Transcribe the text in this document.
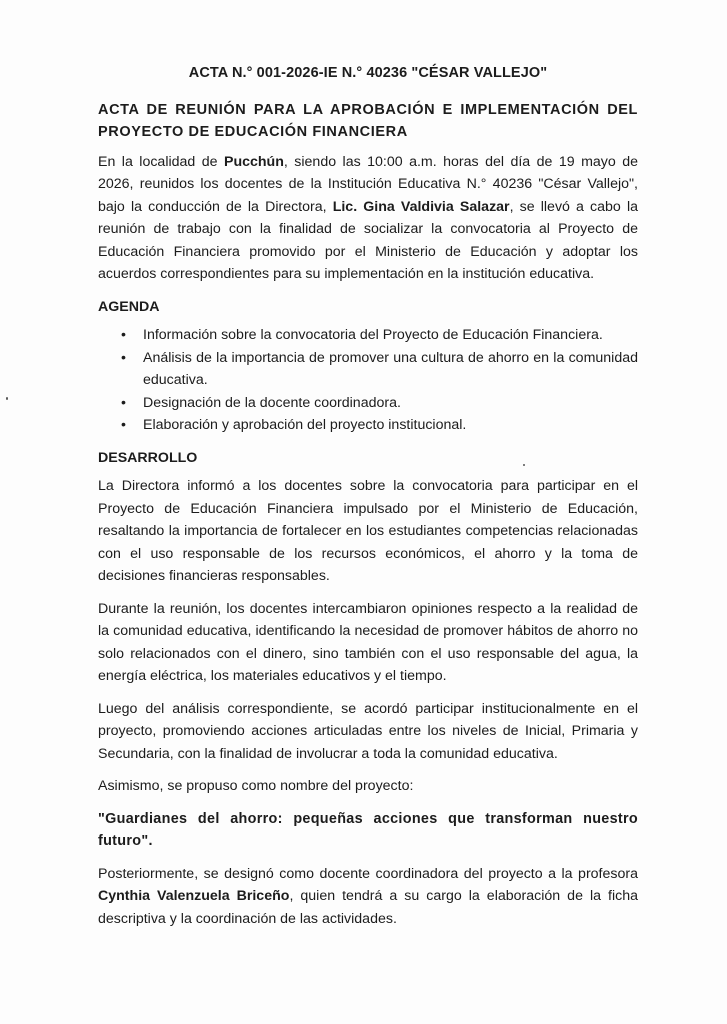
ACTA N.° 001-2026-IE N.° 40236 "CÉSAR VALLEJO"
ACTA DE REUNIÓN PARA LA APROBACIÓN E IMPLEMENTACIÓN DEL PROYECTO DE EDUCACIÓN FINANCIERA

En la localidad de Pucchún, siendo las 10:00 a.m. horas del día de 19 mayo de 2026, reunidos los docentes de la Institución Educativa N.° 40236 "César Vallejo", bajo la conducción de la Directora, Lic. Gina Valdivia Salazar, se llevó a cabo la reunión de trabajo con la finalidad de socializar la convocatoria al Proyecto de Educación Financiera promovido por el Ministerio de Educación y adoptar los acuerdos correspondientes para su implementación en la institución educativa.

AGENDA
• Información sobre la convocatoria del Proyecto de Educación Financiera.
• Análisis de la importancia de promover una cultura de ahorro en la comunidad educativa.
• Designación de la docente coordinadora.
• Elaboración y aprobación del proyecto institucional.
DESARROLLO

La Directora informó a los docentes sobre la convocatoria para participar en el Proyecto de Educación Financiera impulsado por el Ministerio de Educación, resaltando la importancia de fortalecer en los estudiantes competencias relacionadas con el uso responsable de los recursos económicos, el ahorro y la toma de decisiones financieras responsables.

Durante la reunión, los docentes intercambiaron opiniones respecto a la realidad de la comunidad educativa, identificando la necesidad de promover hábitos de ahorro no solo relacionados con el dinero, sino también con el uso responsable del agua, la energía eléctrica, los materiales educativos y el tiempo.

Luego del análisis correspondiente, se acordó participar institucionalmente en el proyecto, promoviendo acciones articuladas entre los niveles de Inicial, Primaria y Secundaria, con la finalidad de involucrar a toda la comunidad educativa.

Asimismo, se propuso como nombre del proyecto:

"Guardianes del ahorro: pequeñas acciones que transforman nuestro futuro".

Posteriormente, se designó como docente coordinadora del proyecto a la profesora Cynthia Valenzuela Briceño, quien tendrá a su cargo la elaboración de la ficha descriptiva y la coordinación de las actividades.
